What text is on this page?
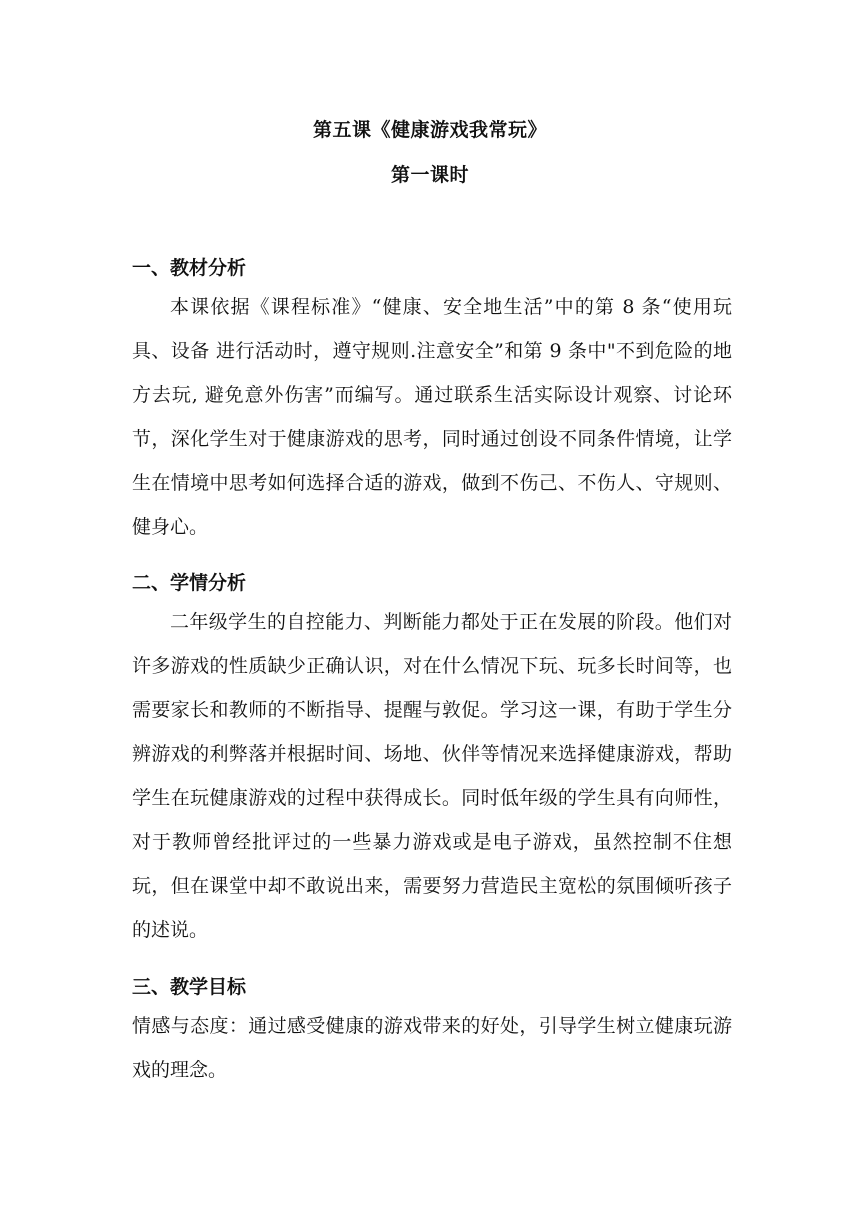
第五课《健康游戏我常玩》
第一课时
一、教材分析
本课依据《课程标准》“健康、安全地生活”中的第 8 条“使用玩具、设备 进行活动时，遵守规则.注意安全”和第 9 条中"不到危险的地方去玩, 避免意外伤害”而编写。通过联系生活实际设计观察、讨论环节，深化学生对于健康游戏的思考，同时通过创设不同条件情境，让学生在情境中思考如何选择合适的游戏，做到不伤己、不伤人、守规则、健身心。
二、学情分析
二年级学生的自控能力、判断能力都处于正在发展的阶段。他们对许多游戏的性质缺少正确认识，对在什么情况下玩、玩多长时间等，也需要家长和教师的不断指导、提醒与敦促。学习这一课，有助于学生分辨游戏的利弊落并根据时间、场地、伙伴等情况来选择健康游戏，帮助学生在玩健康游戏的过程中获得成长。同时低年级的学生具有向师性，对于教师曾经批评过的一些暴力游戏或是电子游戏，虽然控制不住想玩，但在课堂中却不敢说出来，需要努力营造民主宽松的氛围倾听孩子的述说。
三、教学目标
情感与态度：通过感受健康的游戏带来的好处，引导学生树立健康玩游戏的理念。
